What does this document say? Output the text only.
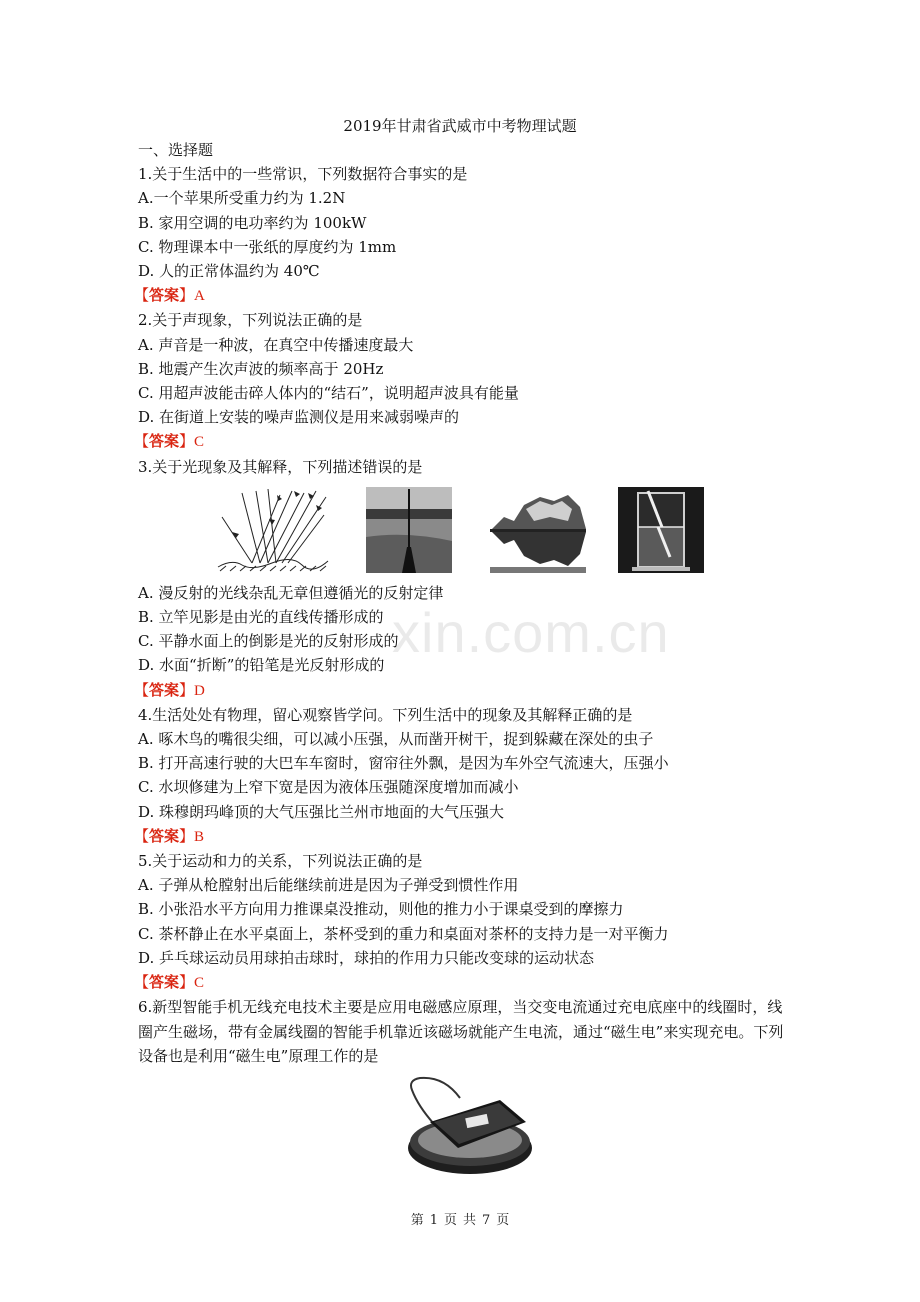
2019年甘肃省武威市中考物理试题
xin.com.cn
一、选择题
1.关于生活中的一些常识，下列数据符合事实的是
A.一个苹果所受重力约为 1.2N
B. 家用空调的电功率约为 100kW
C. 物理课本中一张纸的厚度约为 1mm
D. 人的正常体温约为 40℃
【答案】A
2.关于声现象，下列说法正确的是
A. 声音是一种波，在真空中传播速度最大
B. 地震产生次声波的频率高于 20Hz
C. 用超声波能击碎人体内的“结石”，说明超声波具有能量
D. 在街道上安装的噪声监测仪是用来减弱噪声的
【答案】C
3.关于光现象及其解释，下列描述错误的是
A. 漫反射的光线杂乱无章但遵循光的反射定律
B. 立竿见影是由光的直线传播形成的
C. 平静水面上的倒影是光的反射形成的
D. 水面“折断”的铅笔是光反射形成的
【答案】D
4.生活处处有物理，留心观察皆学问。下列生活中的现象及其解释正确的是
A. 啄木鸟的嘴很尖细，可以减小压强，从而凿开树干，捉到躲藏在深处的虫子
B. 打开高速行驶的大巴车车窗时，窗帘往外飘，是因为车外空气流速大，压强小
C. 水坝修建为上窄下宽是因为液体压强随深度增加而减小
D. 珠穆朗玛峰顶的大气压强比兰州市地面的大气压强大
【答案】B
5.关于运动和力的关系，下列说法正确的是
A. 子弹从枪膛射出后能继续前进是因为子弹受到惯性作用
B. 小张沿水平方向用力推课桌没推动，则他的推力小于课桌受到的摩擦力
C. 茶杯静止在水平桌面上，茶杯受到的重力和桌面对茶杯的支持力是一对平衡力
D. 乒乓球运动员用球拍击球时，球拍的作用力只能改变球的运动状态
【答案】C
6.新型智能手机无线充电技术主要是应用电磁感应原理，当交变电流通过充电底座中的线圈时，线圈产生磁场，带有金属线圈的智能手机靠近该磁场就能产生电流，通过“磁生电”来实现充电。下列设备也是利用“磁生电”原理工作的是
第 1 页 共 7 页
